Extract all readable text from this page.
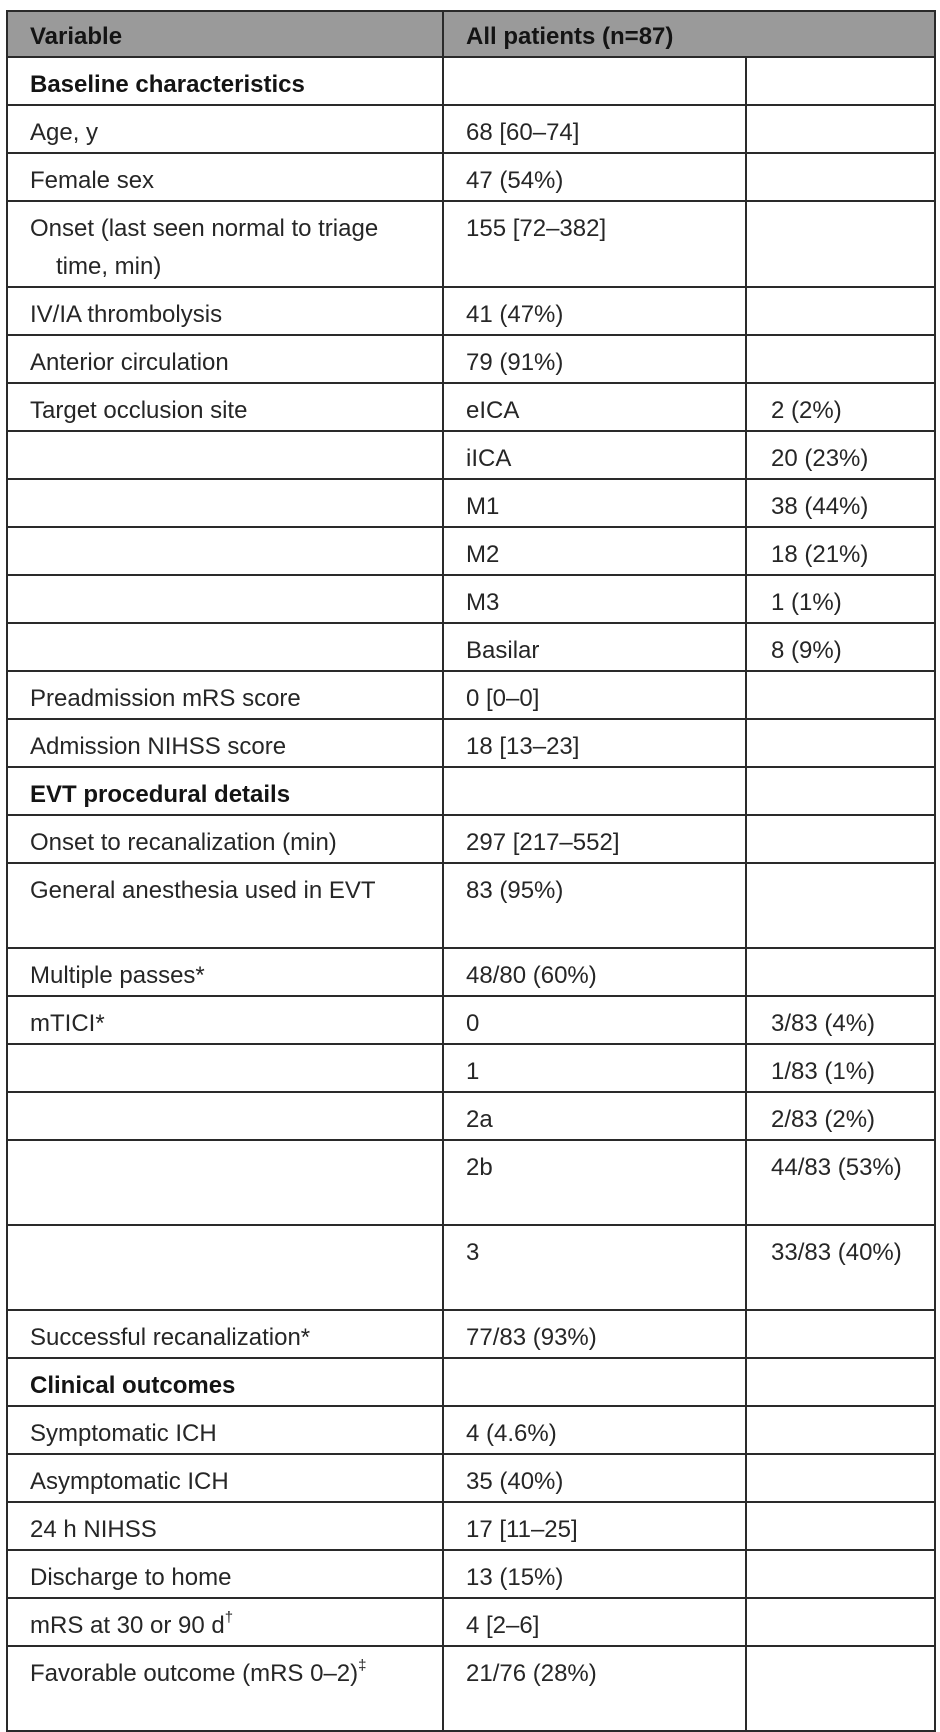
Variable	All patients (n=87)	
Baseline characteristics		

Age, y	68 [60–74]	

Female sex	47 (54%)	

Onset (last seen normal to triage time, min)	155 [72–382]	

IV/IA thrombolysis	41 (47%)	

Anterior circulation	79 (91%)	

Target occlusion site	eICA	2 (2%)

	iICA	20 (23%)

	M1	38 (44%)

	M2	18 (21%)

	M3	1 (1%)

	Basilar	8 (9%)

Preadmission mRS score	0 [0–0]	

Admission NIHSS score	18 [13–23]	
EVT procedural details		

Onset to recanalization (min)	297 [217–552]	

General anesthesia used in EVT	83 (95%)	

Multiple passes*	48/80 (60%)	

mTICI*	0	3/83 (4%)

	1	1/83 (1%)

	2a	2/83 (2%)

	2b	44/83 (53%)

	3	33/83 (40%)

Successful recanalization*	77/83 (93%)	
Clinical outcomes		

Symptomatic ICH	4 (4.6%)	

Asymptomatic ICH	35 (40%)	

24 h NIHSS	17 [11–25]	

Discharge to home	13 (15%)	

mRS at 30 or 90 d†	4 [2–6]	

Favorable outcome (mRS 0–2)‡	21/76 (28%)	
